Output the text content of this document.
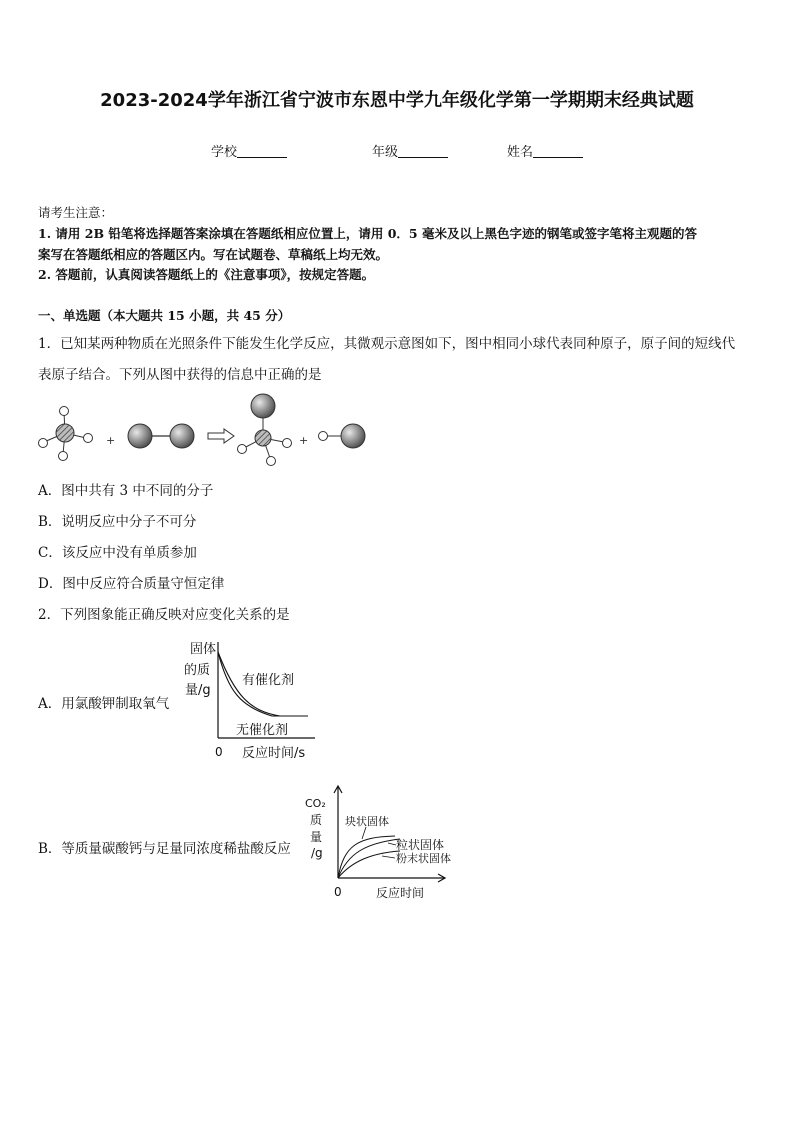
2023-2024学年浙江省宁波市东恩中学九年级化学第一学期期末经典试题
学校	年级	姓名
请考生注意：
1. 请用 2B 铅笔将选择题答案涂填在答题纸相应位置上，请用 0．5 毫米及以上黑色字迹的钢笔或签字笔将主观题的答
案写在答题纸相应的答题区内。写在试题卷、草稿纸上均无效。
2. 答题前，认真阅读答题纸上的《注意事项》，按规定答题。
一、单选题（本大题共 15 小题，共 45 分）
1．已知某两种物质在光照条件下能发生化学反应，其微观示意图如下，图中相同小球代表同种原子，原子间的短线代
表原子结合。下列从图中获得的信息中正确的是
+	+
A．图中共有 3 中不同的分子
B．说明反应中分子不可分
C．该反应中没有单质参加
D．图中反应符合质量守恒定律
2．下列图象能正确反映对应变化关系的是
A．用氯酸钾制取氧气
固体
的质
量/g
有催化剂
无催化剂
0 反应时间/s
B．等质量碳酸钙与足量同浓度稀盐酸反应
CO₂
质
量
/g
块状固体
粒状固体
粉末状固体
0	反应时间
